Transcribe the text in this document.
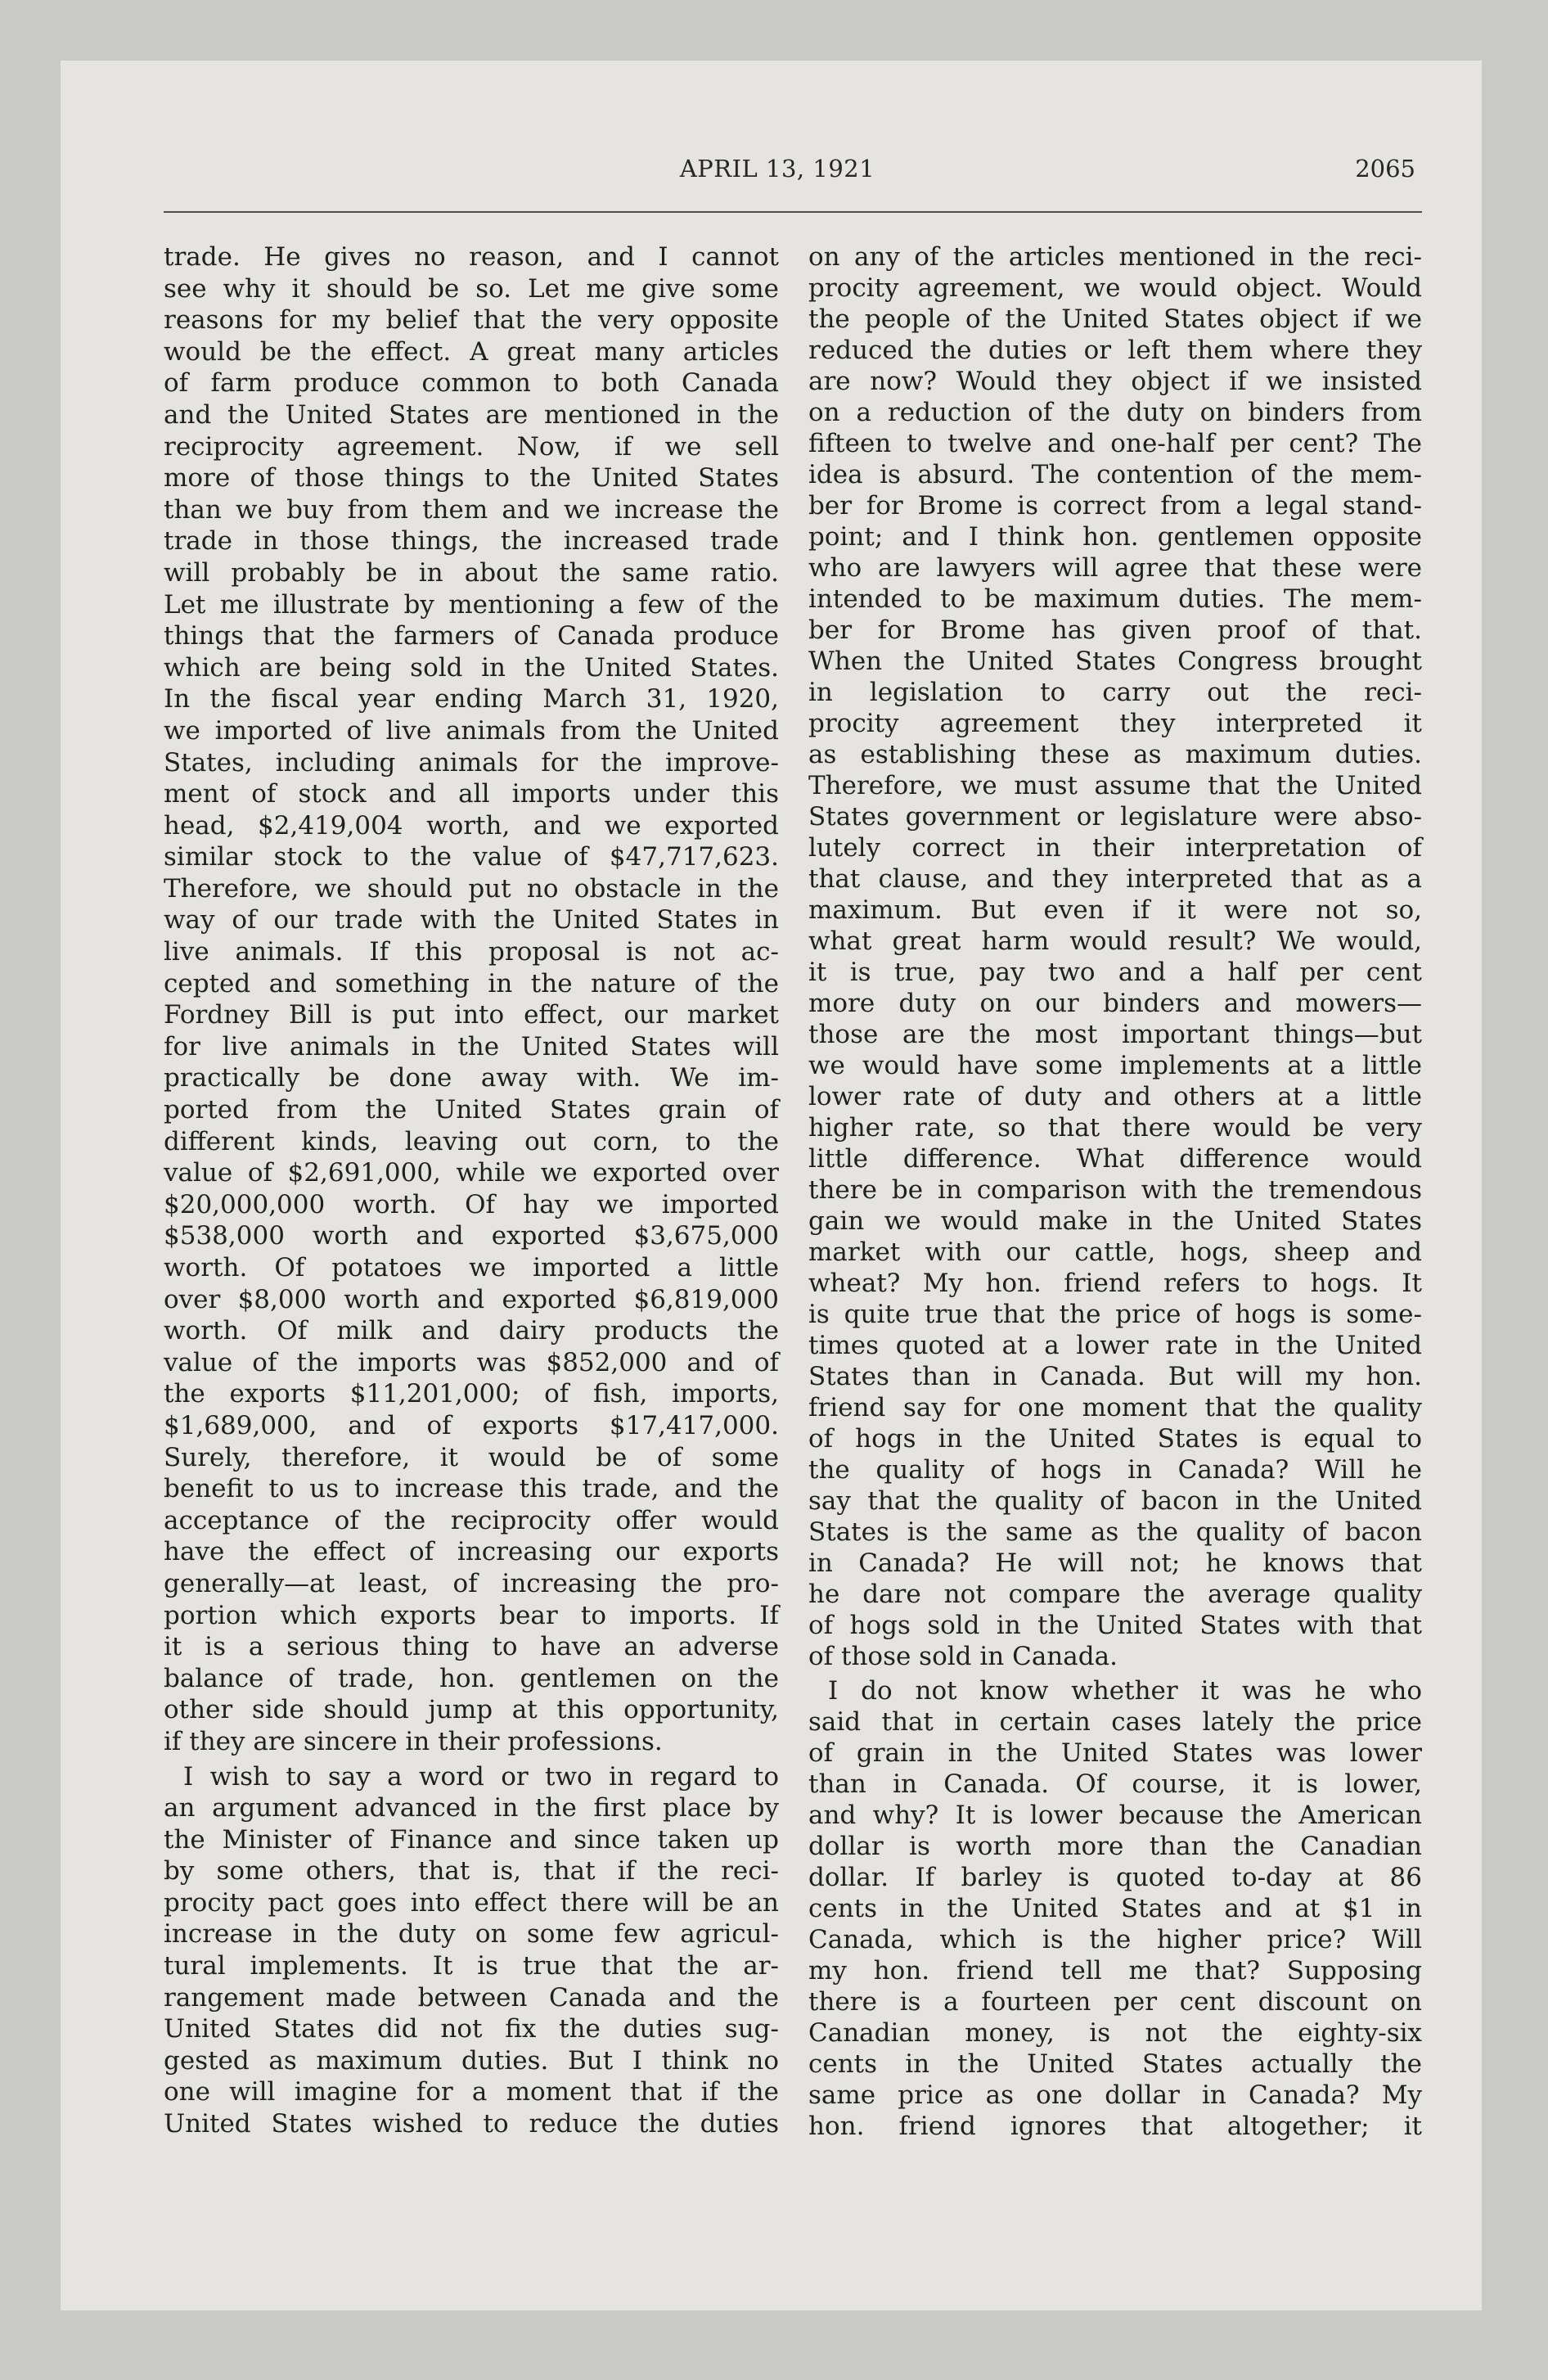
APRIL 13, 1921	2065
trade. He gives no reason, and I cannot
see why it should be so. Let me give some
reasons for my belief that the very opposite
would be the effect. A great many articles
of farm produce common to both Canada
and the United States are mentioned in the
reciprocity agreement. Now, if we sell
more of those things to the United States
than we buy from them and we increase the
trade in those things, the increased trade
will probably be in about the same ratio.
Let me illustrate by mentioning a few of the
things that the farmers of Canada produce
which are being sold in the United States.
In the fiscal year ending March 31, 1920,
we imported of live animals from the United
States, including animals for the improve-
ment of stock and all imports under this
head, $2,419,004 worth, and we exported
similar stock to the value of $47,717,623.
Therefore, we should put no obstacle in the
way of our trade with the United States in
live animals. If this proposal is not ac-
cepted and something in the nature of the
Fordney Bill is put into effect, our market
for live animals in the United States will
practically be done away with. We im-
ported from the United States grain of
different kinds, leaving out corn, to the
value of $2,691,000, while we exported over
$20,000,000 worth. Of hay we imported
$538,000 worth and exported $3,675,000
worth. Of potatoes we imported a little
over $8,000 worth and exported $6,819,000
worth. Of milk and dairy products the
value of the imports was $852,000 and of
the exports $11,201,000; of fish, imports,
$1,689,000, and of exports $17,417,000.
Surely, therefore, it would be of some
benefit to us to increase this trade, and the
acceptance of the reciprocity offer would
have the effect of increasing our exports
generally—at least, of increasing the pro-
portion which exports bear to imports. If
it is a serious thing to have an adverse
balance of trade, hon. gentlemen on the
other side should jump at this opportunity,
if they are sincere in their professions.
I wish to say a word or two in regard to
an argument advanced in the first place by
the Minister of Finance and since taken up
by some others, that is, that if the reci-
procity pact goes into effect there will be an
increase in the duty on some few agricul-
tural implements. It is true that the ar-
rangement made between Canada and the
United States did not fix the duties sug-
gested as maximum duties. But I think no
one will imagine for a moment that if the
United States wished to reduce the duties
on any of the articles mentioned in the reci-
procity agreement, we would object. Would
the people of the United States object if we
reduced the duties or left them where they
are now? Would they object if we insisted
on a reduction of the duty on binders from
fifteen to twelve and one-half per cent? The
idea is absurd. The contention of the mem-
ber for Brome is correct from a legal stand-
point; and I think hon. gentlemen opposite
who are lawyers will agree that these were
intended to be maximum duties. The mem-
ber for Brome has given proof of that.
When the United States Congress brought
in legislation to carry out the reci-
procity agreement they interpreted it
as establishing these as maximum duties.
Therefore, we must assume that the United
States government or legislature were abso-
lutely correct in their interpretation of
that clause, and they interpreted that as a
maximum. But even if it were not so,
what great harm would result? We would,
it is true, pay two and a half per cent
more duty on our binders and mowers—
those are the most important things—but
we would have some implements at a little
lower rate of duty and others at a little
higher rate, so that there would be very
little difference. What difference would
there be in comparison with the tremendous
gain we would make in the United States
market with our cattle, hogs, sheep and
wheat? My hon. friend refers to hogs. It
is quite true that the price of hogs is some-
times quoted at a lower rate in the United
States than in Canada. But will my hon.
friend say for one moment that the quality
of hogs in the United States is equal to
the quality of hogs in Canada? Will he
say that the quality of bacon in the United
States is the same as the quality of bacon
in Canada? He will not; he knows that
he dare not compare the average quality
of hogs sold in the United States with that
of those sold in Canada.
I do not know whether it was he who
said that in certain cases lately the price
of grain in the United States was lower
than in Canada. Of course, it is lower,
and why? It is lower because the American
dollar is worth more than the Canadian
dollar. If barley is quoted to-day at 86
cents in the United States and at $1 in
Canada, which is the higher price? Will
my hon. friend tell me that? Supposing
there is a fourteen per cent discount on
Canadian money, is not the eighty-six
cents in the United States actually the
same price as one dollar in Canada? My
hon. friend ignores that altogether; it
